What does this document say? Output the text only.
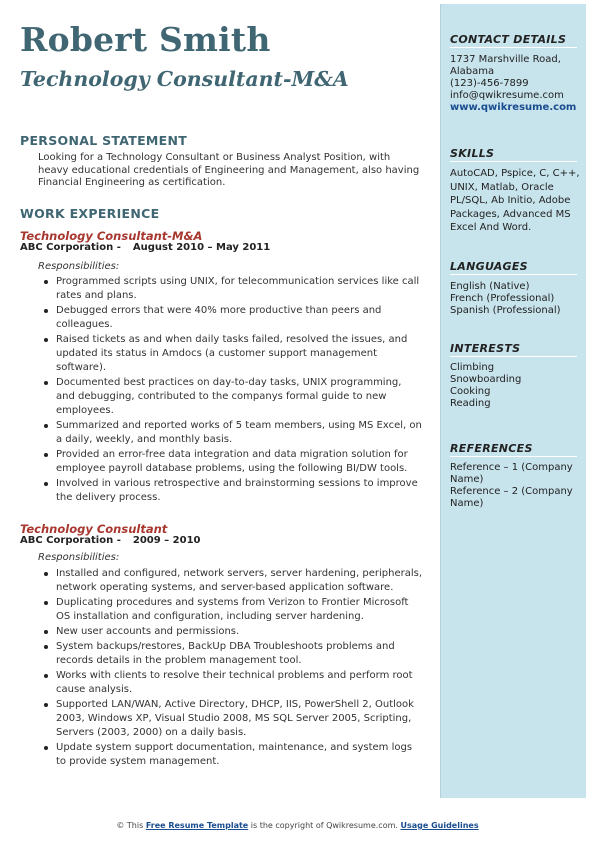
Robert Smith
Technology Consultant-M&A
PERSONAL STATEMENT
Looking for a Technology Consultant or Business Analyst Position, with heavy educational credentials of Engineering and Management, also having Financial Engineering as certification.
WORK EXPERIENCE
Technology Consultant-M&A
ABC Corporation - August 2010 – May 2011
Responsibilities:
Programmed scripts using UNIX, for telecommunication services like call rates and plans.
Debugged errors that were 40% more productive than peers and colleagues.
Raised tickets as and when daily tasks failed, resolved the issues, and updated its status in Amdocs (a customer support management software).
Documented best practices on day-to-day tasks, UNIX programming, and debugging, contributed to the companys formal guide to new employees.
Summarized and reported works of 5 team members, using MS Excel, on a daily, weekly, and monthly basis.
Provided an error-free data integration and data migration solution for employee payroll database problems, using the following BI/DW tools.
Involved in various retrospective and brainstorming sessions to improve the delivery process.
Technology Consultant
ABC Corporation - 2009 – 2010
Responsibilities:
Installed and configured, network servers, server hardening, peripherals, network operating systems, and server-based application software.
Duplicating procedures and systems from Verizon to Frontier Microsoft OS installation and configuration, including server hardening.
New user accounts and permissions.
System backups/restores, BackUp DBA Troubleshoots problems and records details in the problem management tool.
Works with clients to resolve their technical problems and perform root cause analysis.
Supported LAN/WAN, Active Directory, DHCP, IIS, PowerShell 2, Outlook 2003, Windows XP, Visual Studio 2008, MS SQL Server 2005, Scripting, Servers (2003, 2000) on a daily basis.
Update system support documentation, maintenance, and system logs to provide system management.
CONTACT DETAILS
1737 Marshville Road, Alabama
(123)-456-7899
info@qwikresume.com
www.qwikresume.com
SKILLS
AutoCAD, Pspice, C, C++, UNIX, Matlab, Oracle PL/SQL, Ab Initio, Adobe Packages, Advanced MS Excel And Word.
LANGUAGES
English (Native)
French (Professional)
Spanish (Professional)
INTERESTS
Climbing
Snowboarding
Cooking
Reading
REFERENCES
Reference – 1 (Company Name)
Reference – 2 (Company Name)
© This Free Resume Template is the copyright of Qwikresume.com. Usage Guidelines
